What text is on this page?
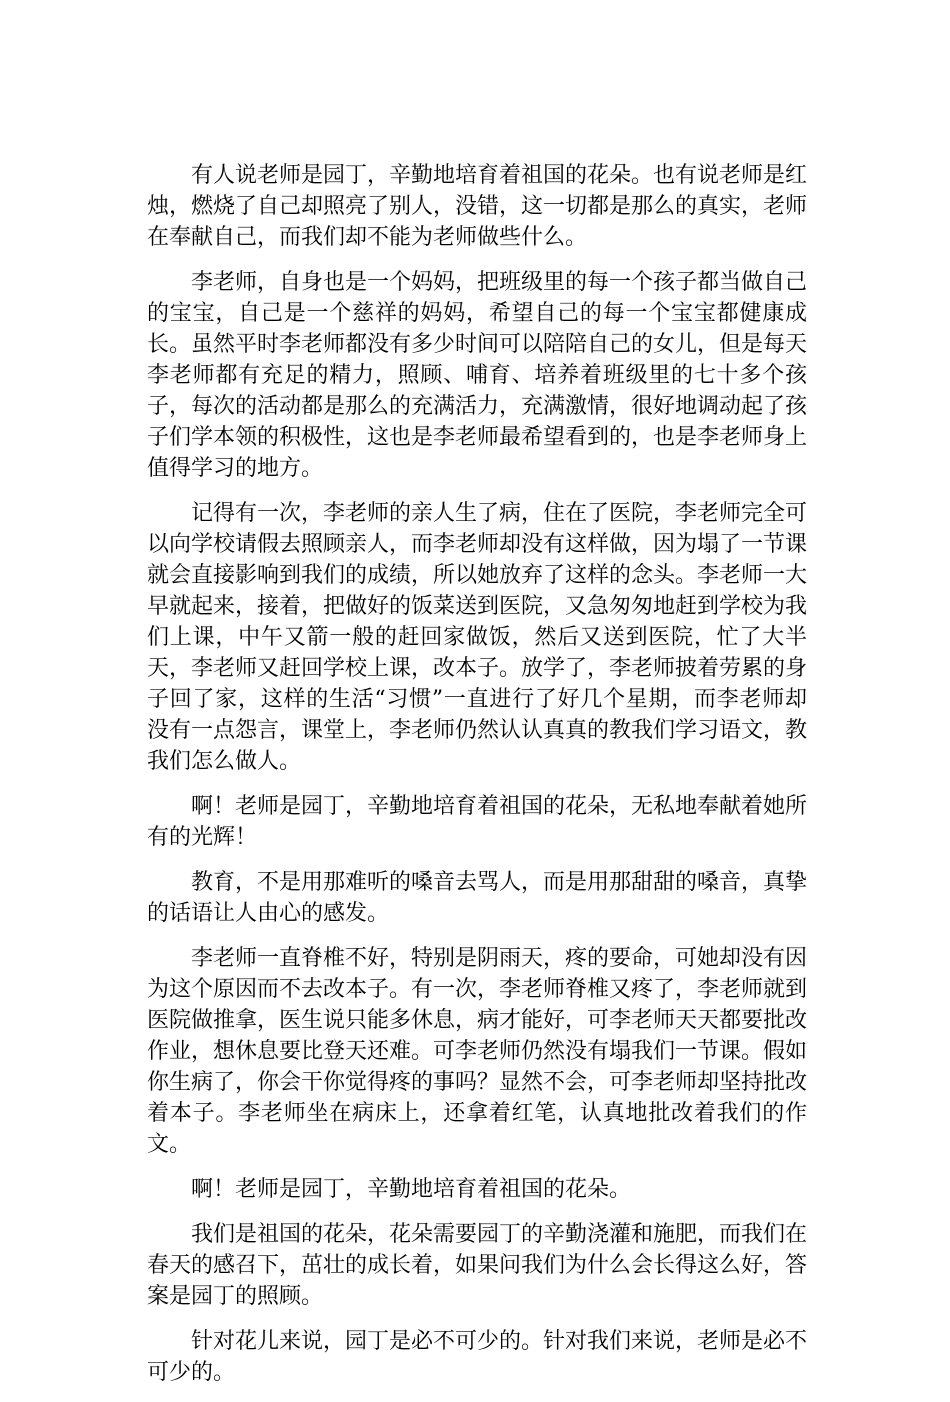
有人说老师是园丁，辛勤地培育着祖国的花朵。也有说老师是红烛，燃烧了自己却照亮了别人，没错，这一切都是那么的真实，老师在奉献自己，而我们却不能为老师做些什么。

李老师，自身也是一个妈妈，把班级里的每一个孩子都当做自己的宝宝，自己是一个慈祥的妈妈，希望自己的每一个宝宝都健康成长。虽然平时李老师都没有多少时间可以陪陪自己的女儿，但是每天李老师都有充足的精力，照顾、哺育、培养着班级里的七十多个孩子，每次的活动都是那么的充满活力，充满激情，很好地调动起了孩子们学本领的积极性，这也是李老师最希望看到的，也是李老师身上值得学习的地方。

记得有一次，李老师的亲人生了病，住在了医院，李老师完全可以向学校请假去照顾亲人，而李老师却没有这样做，因为塌了一节课就会直接影响到我们的成绩，所以她放弃了这样的念头。李老师一大早就起来，接着，把做好的饭菜送到医院，又急匆匆地赶到学校为我们上课，中午又箭一般的赶回家做饭，然后又送到医院，忙了大半天，李老师又赶回学校上课，改本子。放学了，李老师披着劳累的身子回了家，这样的生活“习惯”一直进行了好几个星期，而李老师却没有一点怨言，课堂上，李老师仍然认认真真的教我们学习语文，教我们怎么做人。

啊！老师是园丁，辛勤地培育着祖国的花朵，无私地奉献着她所有的光辉！

教育，不是用那难听的嗓音去骂人，而是用那甜甜的嗓音，真挚的话语让人由心的感发。

李老师一直脊椎不好，特别是阴雨天，疼的要命，可她却没有因为这个原因而不去改本子。有一次，李老师脊椎又疼了，李老师就到医院做推拿，医生说只能多休息，病才能好，可李老师天天都要批改作业，想休息要比登天还难。可李老师仍然没有塌我们一节课。假如你生病了，你会干你觉得疼的事吗？显然不会，可李老师却坚持批改着本子。李老师坐在病床上，还拿着红笔，认真地批改着我们的作文。

啊！老师是园丁，辛勤地培育着祖国的花朵。

我们是祖国的花朵，花朵需要园丁的辛勤浇灌和施肥，而我们在春天的感召下，茁壮的成长着，如果问我们为什么会长得这么好，答案是园丁的照顾。

针对花儿来说，园丁是必不可少的。针对我们来说，老师是必不可少的。
